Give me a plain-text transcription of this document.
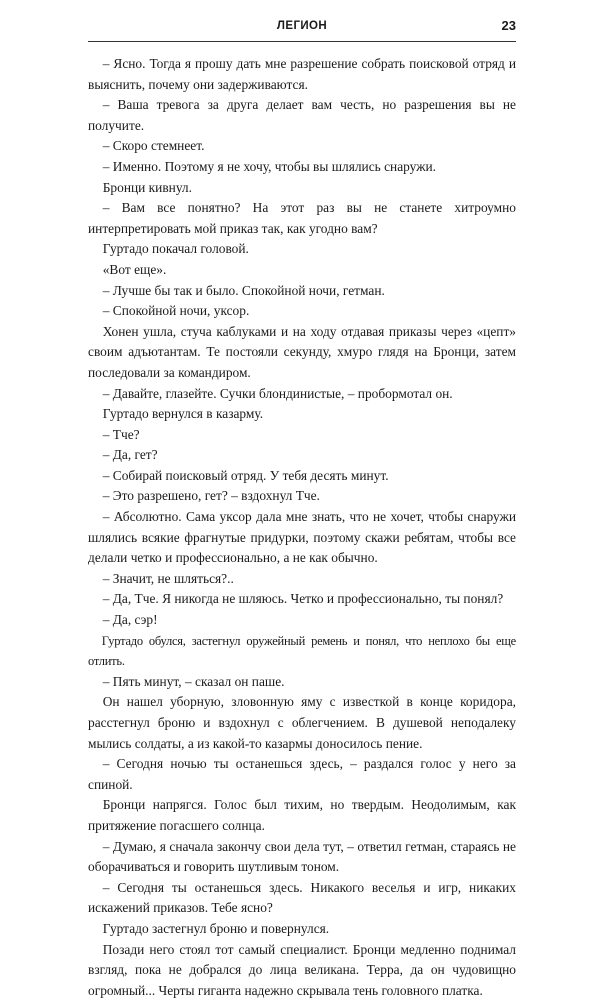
ЛЕГИОН	23

– Ясно. Тогда я прошу дать мне разрешение собрать поисковой отряд и выяснить, почему они задерживаются.

– Ваша тревога за друга делает вам честь, но разрешения вы не получите.

– Скоро стемнеет.

– Именно. Поэтому я не хочу, чтобы вы шлялись снаружи.

Бронци кивнул.

– Вам все понятно? На этот раз вы не станете хитроумно интерпретировать мой приказ так, как угодно вам?

Гуртадо покачал головой.

«Вот еще».

– Лучше бы так и было. Спокойной ночи, гетман.

– Спокойной ночи, уксор.

Хонен ушла, стуча каблуками и на ходу отдавая приказы через «цепт» своим адъютантам. Те постояли секунду, хмуро глядя на Бронци, затем последовали за командиром.

– Давайте, глазейте. Сучки блондинистые, – пробормотал он.

Гуртадо вернулся в казарму.

– Тче?

– Да, гет?

– Собирай поисковый отряд. У тебя десять минут.

– Это разрешено, гет? – вздохнул Тче.

– Абсолютно. Сама уксор дала мне знать, что не хочет, чтобы снаружи шлялись всякие фрагнутые придурки, поэтому скажи ребятам, чтобы все делали четко и профессионально, а не как обычно.

– Значит, не шляться?..

– Да, Тче. Я никогда не шляюсь. Четко и профессионально, ты понял?

– Да, сэр!

Гуртадо обулся, застегнул оружейный ремень и понял, что неплохо бы еще отлить.

– Пять минут, – сказал он паше.

Он нашел уборную, зловонную яму с известкой в конце коридора, расстегнул броню и вздохнул с облегчением. В душевой неподалеку мылись солдаты, а из какой-то казармы доносилось пение.

– Сегодня ночью ты останешься здесь, – раздался голос у него за спиной.

Бронци напрягся. Голос был тихим, но твердым. Неодолимым, как притяжение погасшего солнца.

– Думаю, я сначала закончу свои дела тут, – ответил гетман, стараясь не оборачиваться и говорить шутливым тоном.

– Сегодня ты останешься здесь. Никакого веселья и игр, никаких искажений приказов. Тебе ясно?

Гуртадо застегнул броню и повернулся.

Позади него стоял тот самый специалист. Бронци медленно поднимал взгляд, пока не добрался до лица великана. Терра, да он чудовищно огромный... Черты гиганта надежно скрывала тень головного платка.
